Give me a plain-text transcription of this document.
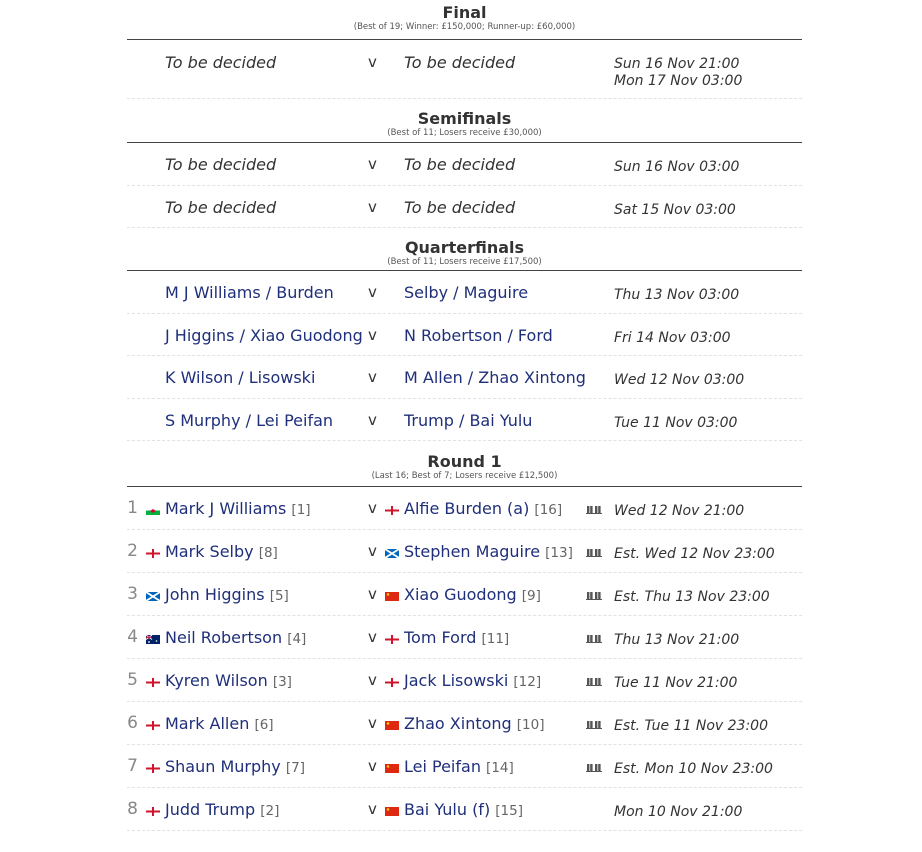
Final
(Best of 19; Winner: £150,000; Runner-up: £60,000)
To be decided	v To be decided	Sun 16 Nov 21:00
Mon 17 Nov 03:00
Semifinals
(Best of 11; Losers receive £30,000)
To be decided	v To be decided	Sun 16 Nov 03:00
To be decided	v To be decided	Sat 15 Nov 03:00
Quarterfinals
(Best of 11; Losers receive £17,500)
M J Williams / Burden v Selby / Maguire	Thu 13 Nov 03:00
J Higgins / Xiao Guodong v N Robertson / Ford	Fri 14 Nov 03:00
K Wilson / Lisowski	v M Allen / Zhao Xintong Wed 12 Nov 03:00
S Murphy / Lei Peifan v Trump / Bai Yulu	Tue 11 Nov 03:00
Round 1
(Last 16; Best of 7; Losers receive £12,500)
1 Mark J Williams [1]	v Alfie Burden (a) [16]	Wed 12 Nov 21:00
2 Mark Selby [8]	v Stephen Maguire [13]	Est. Wed 12 Nov 23:00
3 John Higgins [5]	v Xiao Guodong [9]	Est. Thu 13 Nov 23:00
4 Neil Robertson [4]	v Tom Ford [11]	Thu 13 Nov 21:00
5 Kyren Wilson [3]	v Jack Lisowski [12]	Tue 11 Nov 21:00
6 Mark Allen [6]	v Zhao Xintong [10]	Est. Tue 11 Nov 23:00
7 Shaun Murphy [7]	v Lei Peifan [14]	Est. Mon 10 Nov 23:00
8 Judd Trump [2]	v Bai Yulu (f) [15]	Mon 10 Nov 21:00
